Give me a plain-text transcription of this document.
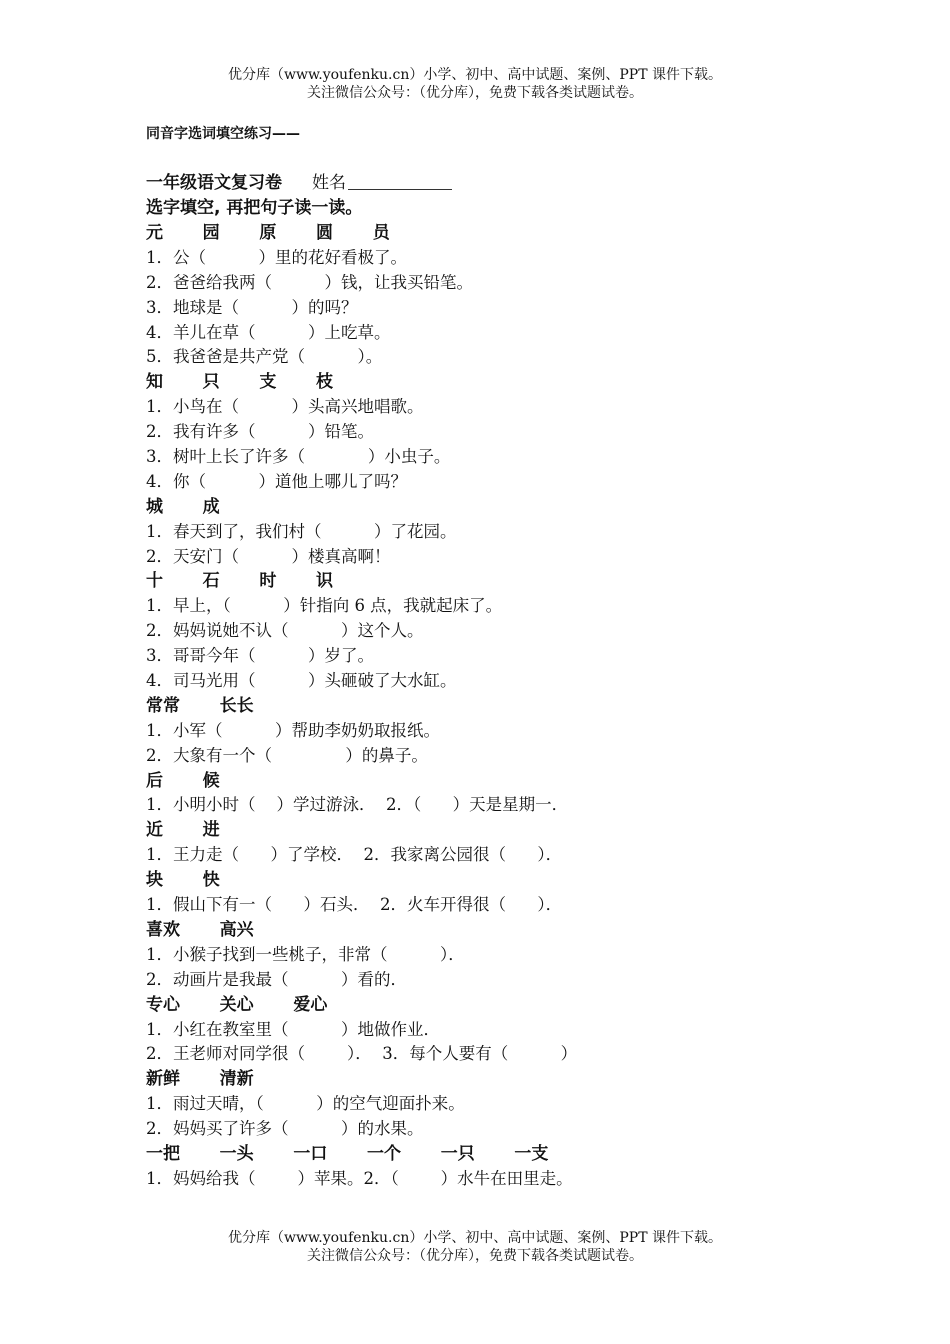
优分库（www.youfenku.cn）小学、初中、高中试题、案例、PPT 课件下载。
关注微信公众号：（优分库），免费下载各类试题试卷。
同音字选词填空练习——
一年级语文复习卷 姓名
选字填空, 再把句子读一读。
元    园    原    圆    员
1．公（          ）里的花好看极了。
2．爸爸给我两（          ）钱，让我买铅笔。
3．地球是（          ）的吗？
4．羊儿在草（          ）上吃草。
5．我爸爸是共产党（          ）。
知    只    支    枝
1．小鸟在（          ）头高兴地唱歌。
2．我有许多（          ）铅笔。
3．树叶上长了许多（            ）小虫子。
4．你（          ）道他上哪儿了吗？
城    成
1．春天到了，我们村（          ）了花园。
2．天安门（          ）楼真高啊！
十    石    时    识
1．早上，（          ）针指向 6 点，我就起床了。
2．妈妈说她不认（          ）这个人。
3．哥哥今年（          ）岁了。
4．司马光用（          ）头砸破了大水缸。
常常    长长
1．小军（          ）帮助李奶奶取报纸。
2．大象有一个（              ）的鼻子。
后    候
1．小明小时（    ）学过游泳．  2．（      ）天是星期一．
近    进
1．王力走（      ）了学校．  2．我家离公园很（      ）．
块    快
1．假山下有一（      ）石头．  2．火车开得很（      ）．
喜欢    高兴
1．小猴子找到一些桃子，非常（          ）．
2．动画片是我最（          ）看的．
专心    关心    爱心
1．小红在教室里（          ）地做作业．
2．王老师对同学很（        ）．  3．每个人要有（          ）
新鲜    清新
1．雨过天晴，（          ）的空气迎面扑来。
2．妈妈买了许多（          ）的水果。
一把    一头    一口    一个    一只    一支
1．妈妈给我（        ）苹果。2．（        ）水牛在田里走。
优分库（www.youfenku.cn）小学、初中、高中试题、案例、PPT 课件下载。
关注微信公众号：（优分库），免费下载各类试题试卷。
